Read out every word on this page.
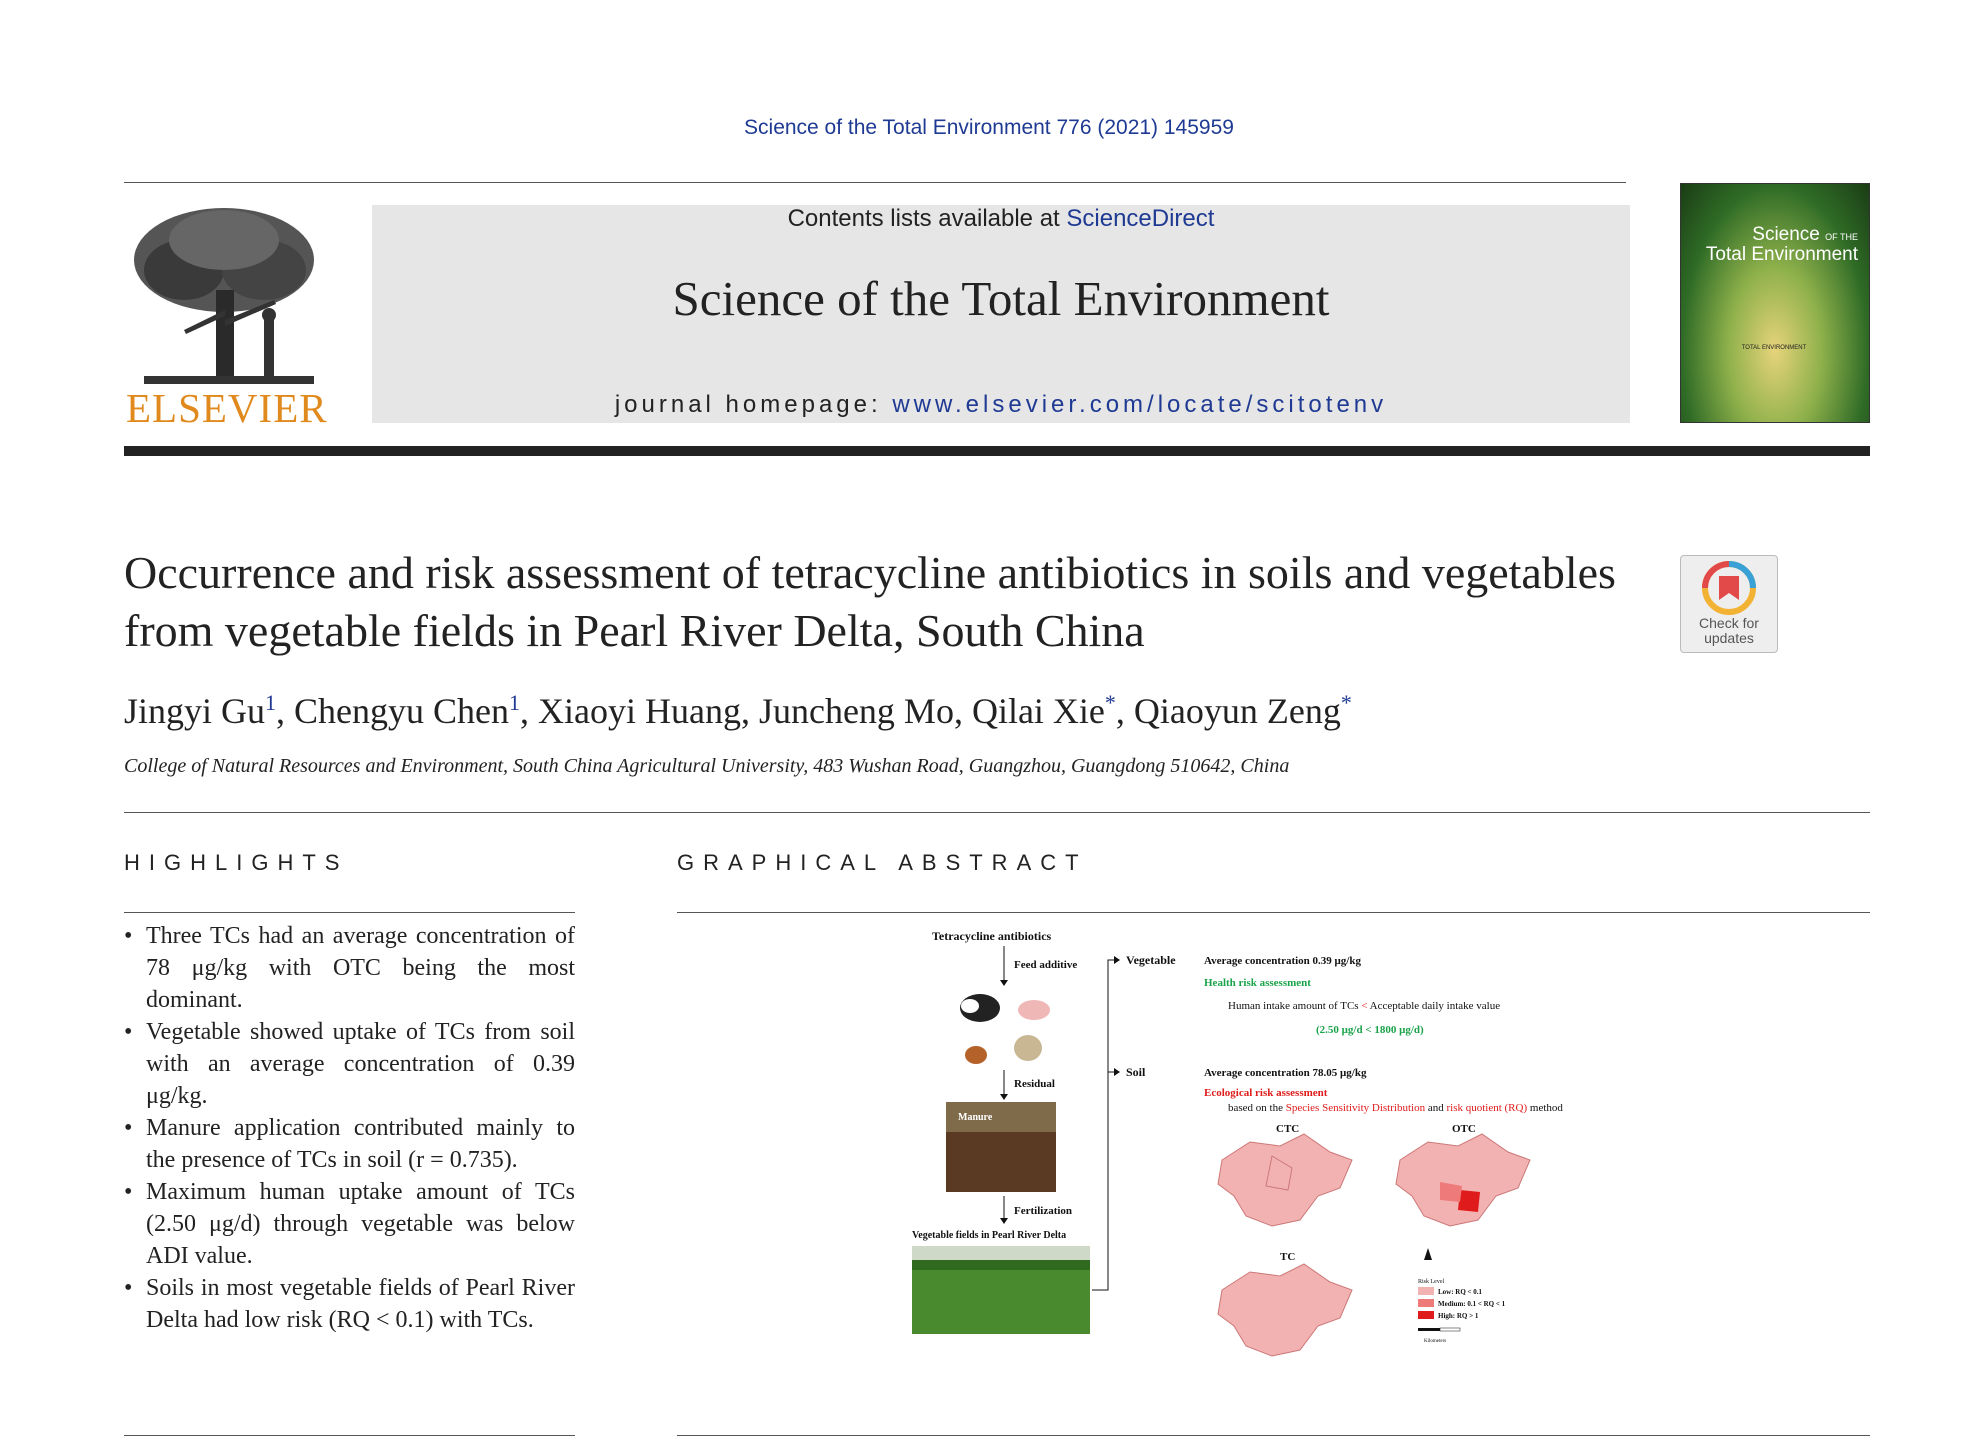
Science of the Total Environment 776 (2021) 145959
ELSEVIER
Contents lists available at ScienceDirect
Science of the Total Environment
journal homepage: www.elsevier.com/locate/scitotenv
Science OF THE
Total Environment
TOTAL ENVIRONMENT
Occurrence and risk assessment of tetracycline antibiotics in soils and vegetables from vegetable fields in Pearl River Delta, South China	Check for
updates
Jingyi Gu$^1$, Chengyu Chen$^1$, Xiaoyi Huang, Juncheng Mo, Qilai Xie*, Qiaoyun Zeng*
College of Natural Resources and Environment, South China Agricultural University, 483 Wushan Road, Guangzhou, Guangdong 510642, China
HIGHLIGHTS	GRAPHICAL ABSTRACT
• Three TCs had an average concentration of 78 μg/kg with OTC being the most dominant.
• Vegetable showed uptake of TCs from soil with an average concentration of 0.39 μg/kg.
• Manure application contributed mainly to the presence of TCs in soil (r = 0.735).
• Maximum human uptake amount of TCs (2.50 μg/d) through vegetable was below ADI value.
• Soils in most vegetable fields of Pearl River Delta had low risk (RQ < 0.1) with TCs.
Tetracycline antibiotics
Feed additive
Residual
Manure
Fertilization
Vegetable fields in Pearl River Delta
Vegetable
Soil
Average concentration 0.39 μg/kg
Health risk assessment
Human intake amount of TCs < Acceptable daily intake value
(2.50 μg/d < 1800 μg/d)
Average concentration 78.05 μg/kg
Ecological risk assessment
based on the Species Sensitivity Distribution and risk quotient (RQ) method
CTC	OTC
TC
Risk Level
Low: RQ < 0.1
Medium: 0.1 < RQ < 1
High: RQ > 1
Kilometers
